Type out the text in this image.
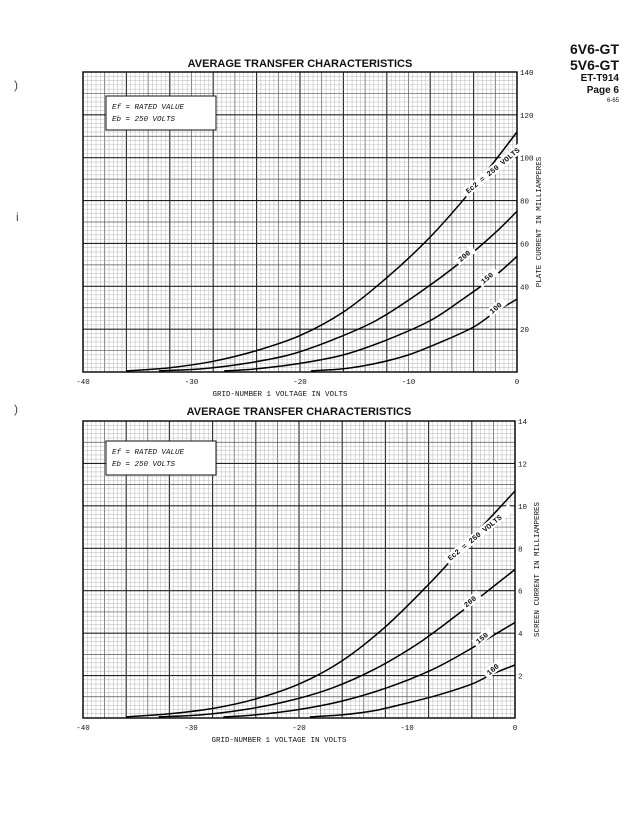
6V6-GT
5V6-GT
ET-T914
Page 6
6-65
)
i
)
AVERAGE TRANSFER CHARACTERISTICS
-40	-30	-20	-10	0
20
40
60
80
100
120
140
GRID-NUMBER 1 VOLTAGE IN VOLTS
PLATE CURRENT IN MILLIAMPERES
Ef = RATED VALUE
Eb = 250 VOLTS
Ec2 = 250 VOLTS
200
150
100
AVERAGE TRANSFER CHARACTERISTICS
-40	-30	-20	-10	0
2
4
6
8
10
12
14
GRID-NUMBER 1 VOLTAGE IN VOLTS
SCREEN CURRENT IN MILLIAMPERES
Ef = RATED VALUE
Eb = 250 VOLTS
Ec2 = 250 VOLTS
200
150
100
